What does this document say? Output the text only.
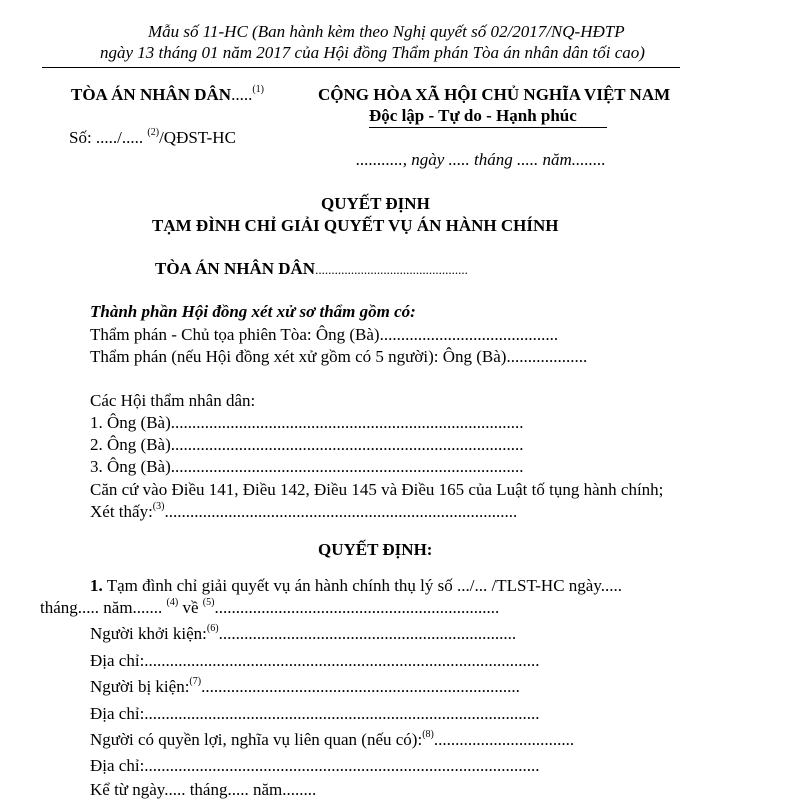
Mẫu số 11-HC (Ban hành kèm theo Nghị quyết số 02/2017/NQ-HĐTP
ngày 13 tháng 01 năm 2017 của Hội đồng Thẩm phán Tòa án nhân dân tối cao)
TÒA ÁN NHÂN DÂN.....$^{(1)}$
Số: ...../..... $^{(2)}$/QĐST-HC
CỘNG HÒA XÃ HỘI CHỦ NGHĨA VIỆT NAM
Độc lập - Tự do - Hạnh phúc
..........., ngày ..... tháng ..... năm........
QUYẾT ĐỊNH
TẠM ĐÌNH CHỈ GIẢI QUYẾT VỤ ÁN HÀNH CHÍNH
TÒA ÁN NHÂN DÂN...............................................
Thành phần Hội đồng xét xử sơ thẩm gồm có:
Thẩm phán - Chủ tọa phiên Tòa: Ông (Bà)..........................................
Thẩm phán (nếu Hội đồng xét xử gồm có 5 người): Ông (Bà)...................
Các Hội thẩm nhân dân:
1. Ông (Bà)...................................................................................
2. Ông (Bà)...................................................................................
3. Ông (Bà)...................................................................................
Căn cứ vào Điều 141, Điều 142, Điều 145 và Điều 165 của Luật tố tụng hành chính;
Xét thấy:$^{(3)}$...................................................................................
QUYẾT ĐỊNH:
1. Tạm đình chỉ giải quyết vụ án hành chính thụ lý số .../... /TLST-HC ngày.....
tháng..... năm....... $^{(4)}$ về $^{(5)}$...................................................................
Người khởi kiện:$^{(6)}$......................................................................
Địa chỉ:.............................................................................................
Người bị kiện:$^{(7)}$...........................................................................
Địa chỉ:.............................................................................................
Người có quyền lợi, nghĩa vụ liên quan (nếu có):$^{(8)}$.................................
Địa chỉ:.............................................................................................
Kể từ ngày..... tháng..... năm........
